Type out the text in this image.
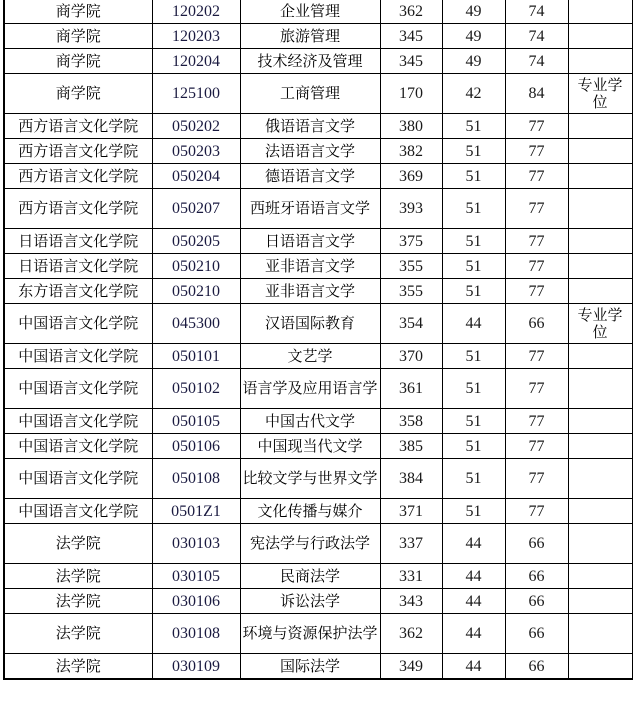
商学院	120202	企业管理	362	49	74	
商学院	120203	旅游管理	345	49	74	
商学院	120204	技术经济及管理	345	49	74	
商学院	125100	工商管理	170	42	84	专业学位
西方语言文化学院	050202	俄语语言文学	380	51	77	
西方语言文化学院	050203	法语语言文学	382	51	77	
西方语言文化学院	050204	德语语言文学	369	51	77	
西方语言文化学院	050207	西班牙语语言文学	393	51	77	
日语语言文化学院	050205	日语语言文学	375	51	77	
日语语言文化学院	050210	亚非语言文学	355	51	77	
东方语言文化学院	050210	亚非语言文学	355	51	77	
中国语言文化学院	045300	汉语国际教育	354	44	66	专业学位
中国语言文化学院	050101	文艺学	370	51	77	
中国语言文化学院	050102	语言学及应用语言学	361	51	77	
中国语言文化学院	050105	中国古代文学	358	51	77	
中国语言文化学院	050106	中国现当代文学	385	51	77	
中国语言文化学院	050108	比较文学与世界文学	384	51	77	
中国语言文化学院	0501Z1	文化传播与媒介	371	51	77	
法学院	030103	宪法学与行政法学	337	44	66	
法学院	030105	民商法学	331	44	66	
法学院	030106	诉讼法学	343	44	66	
法学院	030108	环境与资源保护法学	362	44	66	
法学院	030109	国际法学	349	44	66	
